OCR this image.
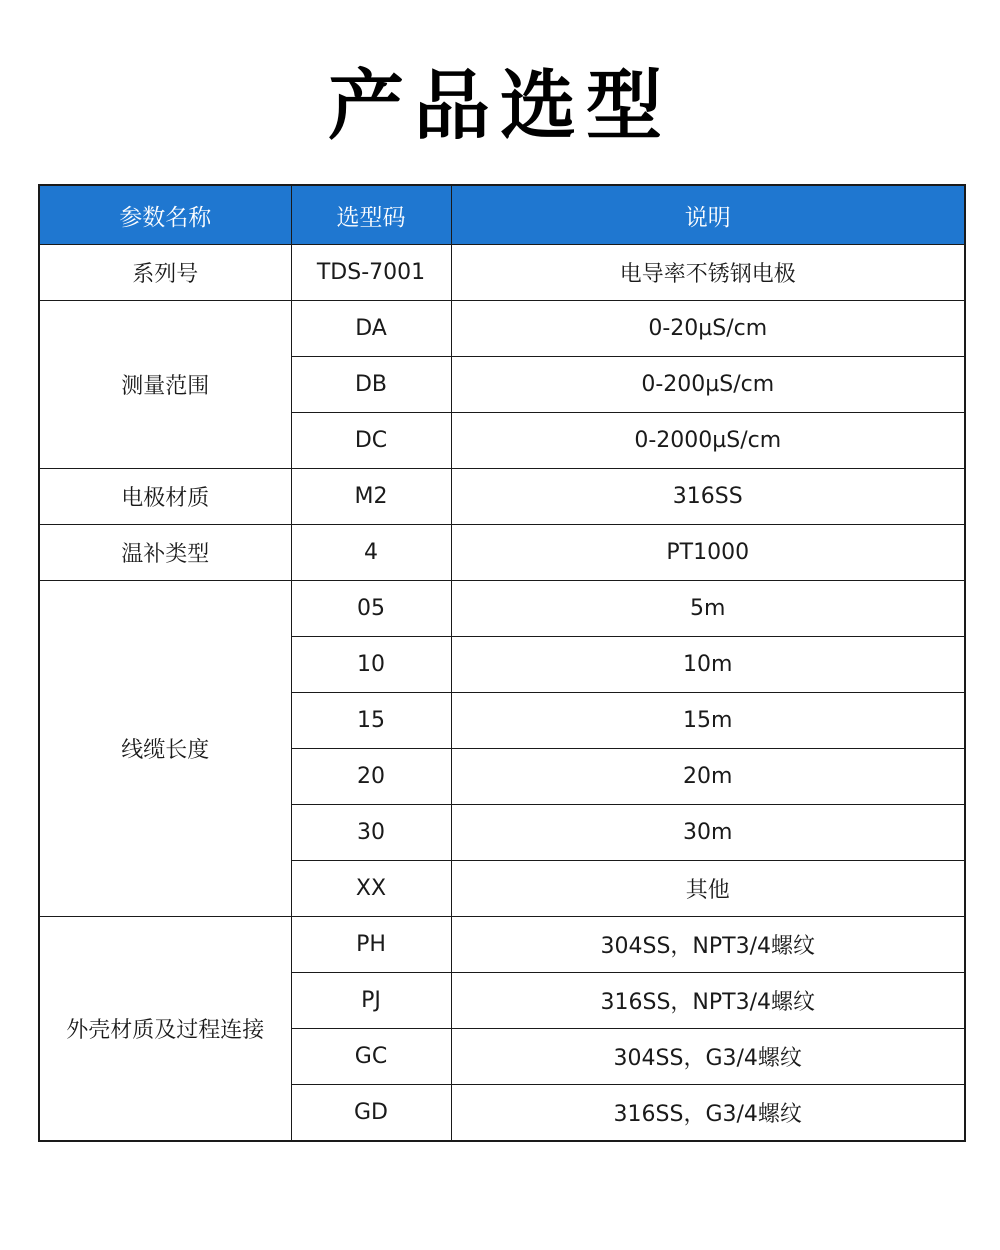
产品选型
参数名称	选型码	说明
系列号	TDS-7001	电导率不锈钢电极
测量范围	DA	0-20µS/cm
	DB	0-200µS/cm
	DC	0-2000µS/cm
电极材质	M2	316SS
温补类型	4	PT1000
线缆长度	05	5m
	10	10m
	15	15m
	20	20m
	30	30m
	XX	其他
外壳材质及过程连接	PH	304SS，NPT3/4螺纹
	PJ	316SS，NPT3/4螺纹
	GC	304SS，G3/4螺纹
	GD	316SS，G3/4螺纹
